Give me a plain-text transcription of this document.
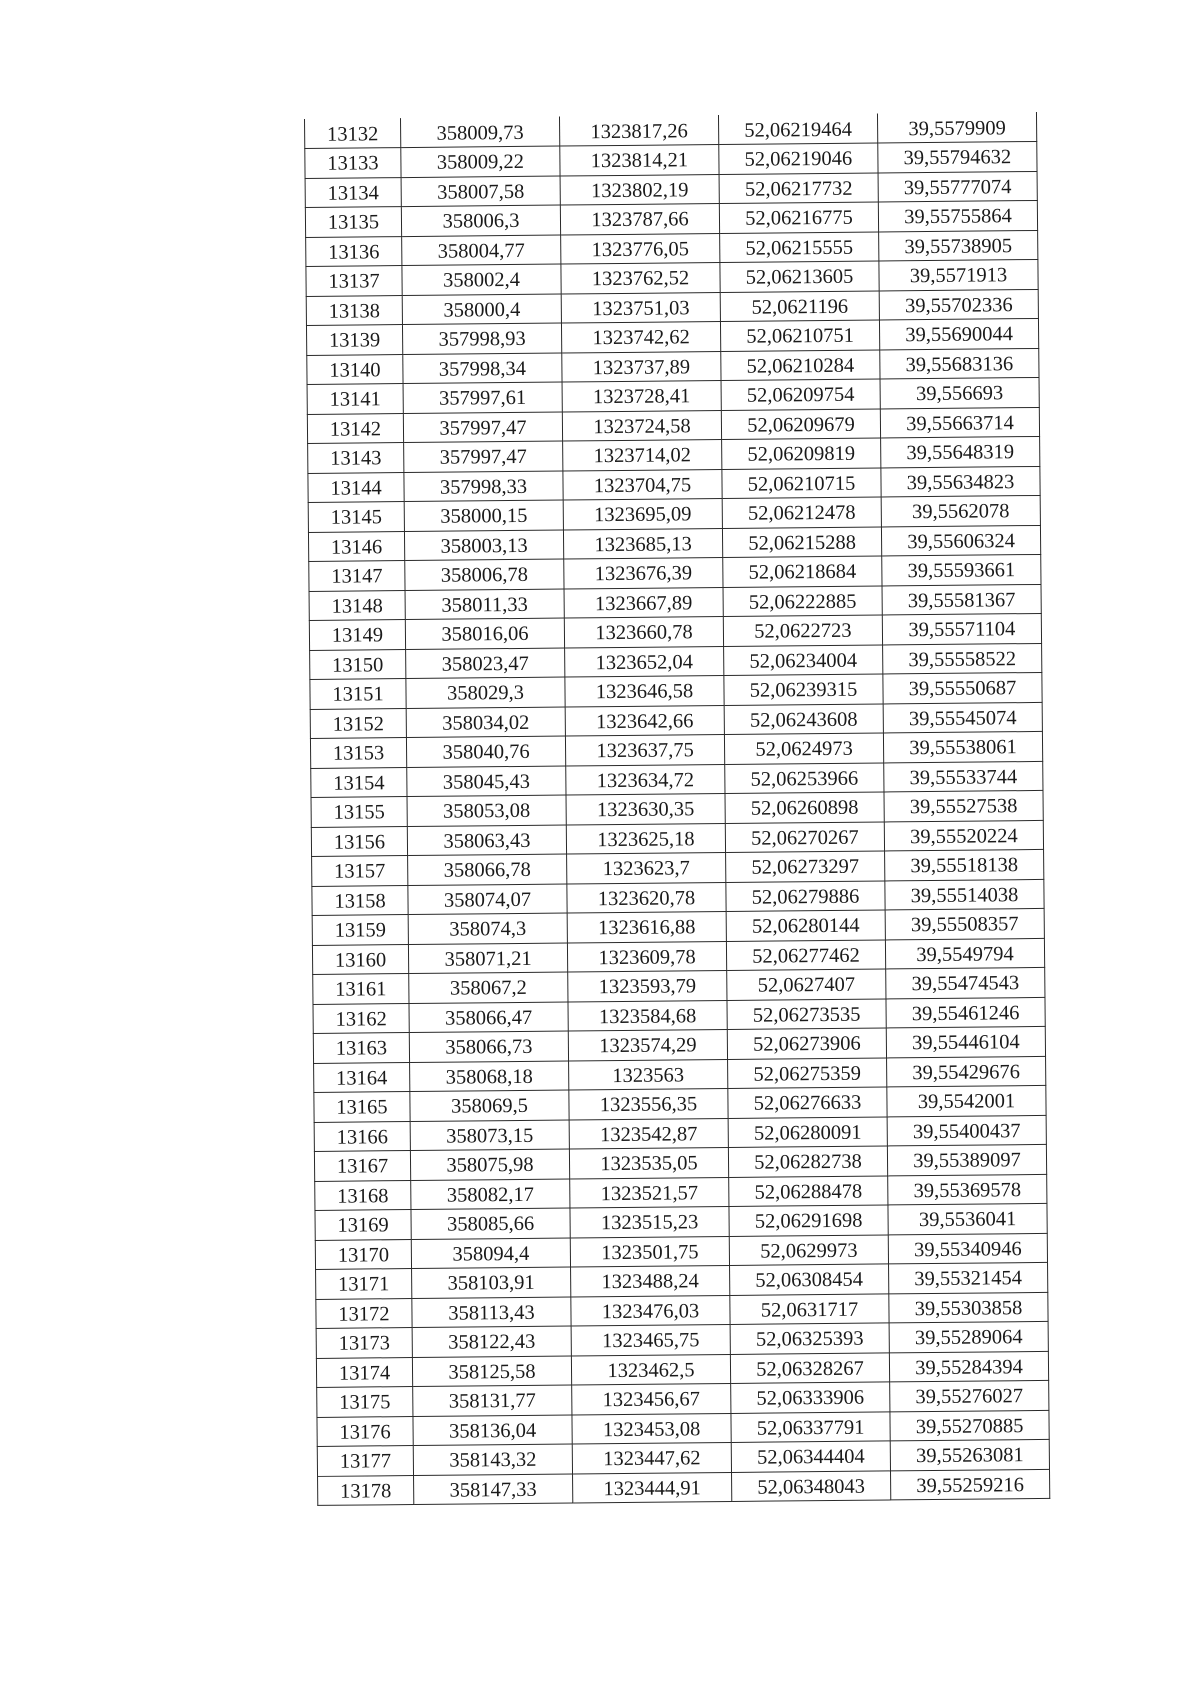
13132	358009,73	1323817,26	52,06219464	39,5579909
13133	358009,22	1323814,21	52,06219046	39,55794632
13134	358007,58	1323802,19	52,06217732	39,55777074
13135	358006,3	1323787,66	52,06216775	39,55755864
13136	358004,77	1323776,05	52,06215555	39,55738905
13137	358002,4	1323762,52	52,06213605	39,5571913
13138	358000,4	1323751,03	52,0621196	39,55702336
13139	357998,93	1323742,62	52,06210751	39,55690044
13140	357998,34	1323737,89	52,06210284	39,55683136
13141	357997,61	1323728,41	52,06209754	39,556693
13142	357997,47	1323724,58	52,06209679	39,55663714
13143	357997,47	1323714,02	52,06209819	39,55648319
13144	357998,33	1323704,75	52,06210715	39,55634823
13145	358000,15	1323695,09	52,06212478	39,5562078
13146	358003,13	1323685,13	52,06215288	39,55606324
13147	358006,78	1323676,39	52,06218684	39,55593661
13148	358011,33	1323667,89	52,06222885	39,55581367
13149	358016,06	1323660,78	52,0622723	39,55571104
13150	358023,47	1323652,04	52,06234004	39,55558522
13151	358029,3	1323646,58	52,06239315	39,55550687
13152	358034,02	1323642,66	52,06243608	39,55545074
13153	358040,76	1323637,75	52,0624973	39,55538061
13154	358045,43	1323634,72	52,06253966	39,55533744
13155	358053,08	1323630,35	52,06260898	39,55527538
13156	358063,43	1323625,18	52,06270267	39,55520224
13157	358066,78	1323623,7	52,06273297	39,55518138
13158	358074,07	1323620,78	52,06279886	39,55514038
13159	358074,3	1323616,88	52,06280144	39,55508357
13160	358071,21	1323609,78	52,06277462	39,5549794
13161	358067,2	1323593,79	52,0627407	39,55474543
13162	358066,47	1323584,68	52,06273535	39,55461246
13163	358066,73	1323574,29	52,06273906	39,55446104
13164	358068,18	1323563	52,06275359	39,55429676
13165	358069,5	1323556,35	52,06276633	39,5542001
13166	358073,15	1323542,87	52,06280091	39,55400437
13167	358075,98	1323535,05	52,06282738	39,55389097
13168	358082,17	1323521,57	52,06288478	39,55369578
13169	358085,66	1323515,23	52,06291698	39,5536041
13170	358094,4	1323501,75	52,0629973	39,55340946
13171	358103,91	1323488,24	52,06308454	39,55321454
13172	358113,43	1323476,03	52,0631717	39,55303858
13173	358122,43	1323465,75	52,06325393	39,55289064
13174	358125,58	1323462,5	52,06328267	39,55284394
13175	358131,77	1323456,67	52,06333906	39,55276027
13176	358136,04	1323453,08	52,06337791	39,55270885
13177	358143,32	1323447,62	52,06344404	39,55263081
13178	358147,33	1323444,91	52,06348043	39,55259216
